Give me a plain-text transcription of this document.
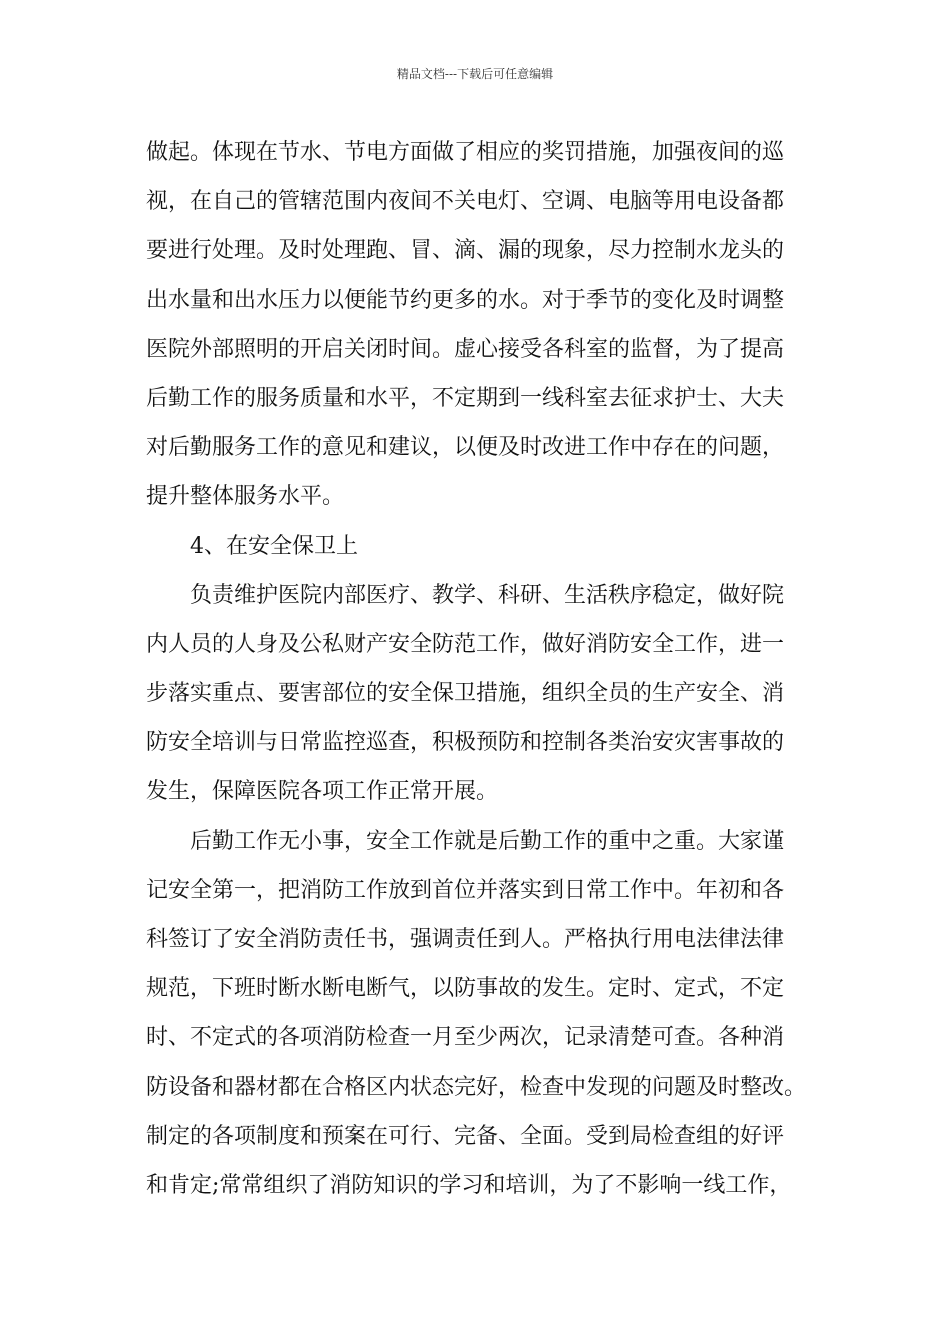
精品文档---下载后可任意编辑
做起。体现在节水、节电方面做了相应的奖罚措施，加强夜间的巡
视，在自己的管辖范围内夜间不关电灯、空调、电脑等用电设备都
要进行处理。及时处理跑、冒、滴、漏的现象，尽力控制水龙头的
出水量和出水压力以便能节约更多的水。对于季节的变化及时调整
医院外部照明的开启关闭时间。虚心接受各科室的监督，为了提高
后勤工作的服务质量和水平，不定期到一线科室去征求护士、大夫
对后勤服务工作的意见和建议，以便及时改进工作中存在的问题，
提升整体服务水平。
4、在安全保卫上
负责维护医院内部医疗、教学、科研、生活秩序稳定，做好院
内人员的人身及公私财产安全防范工作，做好消防安全工作，进一
步落实重点、要害部位的安全保卫措施，组织全员的生产安全、消
防安全培训与日常监控巡查，积极预防和控制各类治安灾害事故的
发生，保障医院各项工作正常开展。
后勤工作无小事，安全工作就是后勤工作的重中之重。大家谨
记安全第一，把消防工作放到首位并落实到日常工作中。年初和各
科签订了安全消防责任书，强调责任到人。严格执行用电法律法律
规范，下班时断水断电断气，以防事故的发生。定时、定式，不定
时、不定式的各项消防检查一月至少两次，记录清楚可查。各种消
防设备和器材都在合格区内状态完好，检查中发现的问题及时整改。
制定的各项制度和预案在可行、完备、全面。受到局检查组的好评
和肯定;常常组织了消防知识的学习和培训，为了不影响一线工作，
